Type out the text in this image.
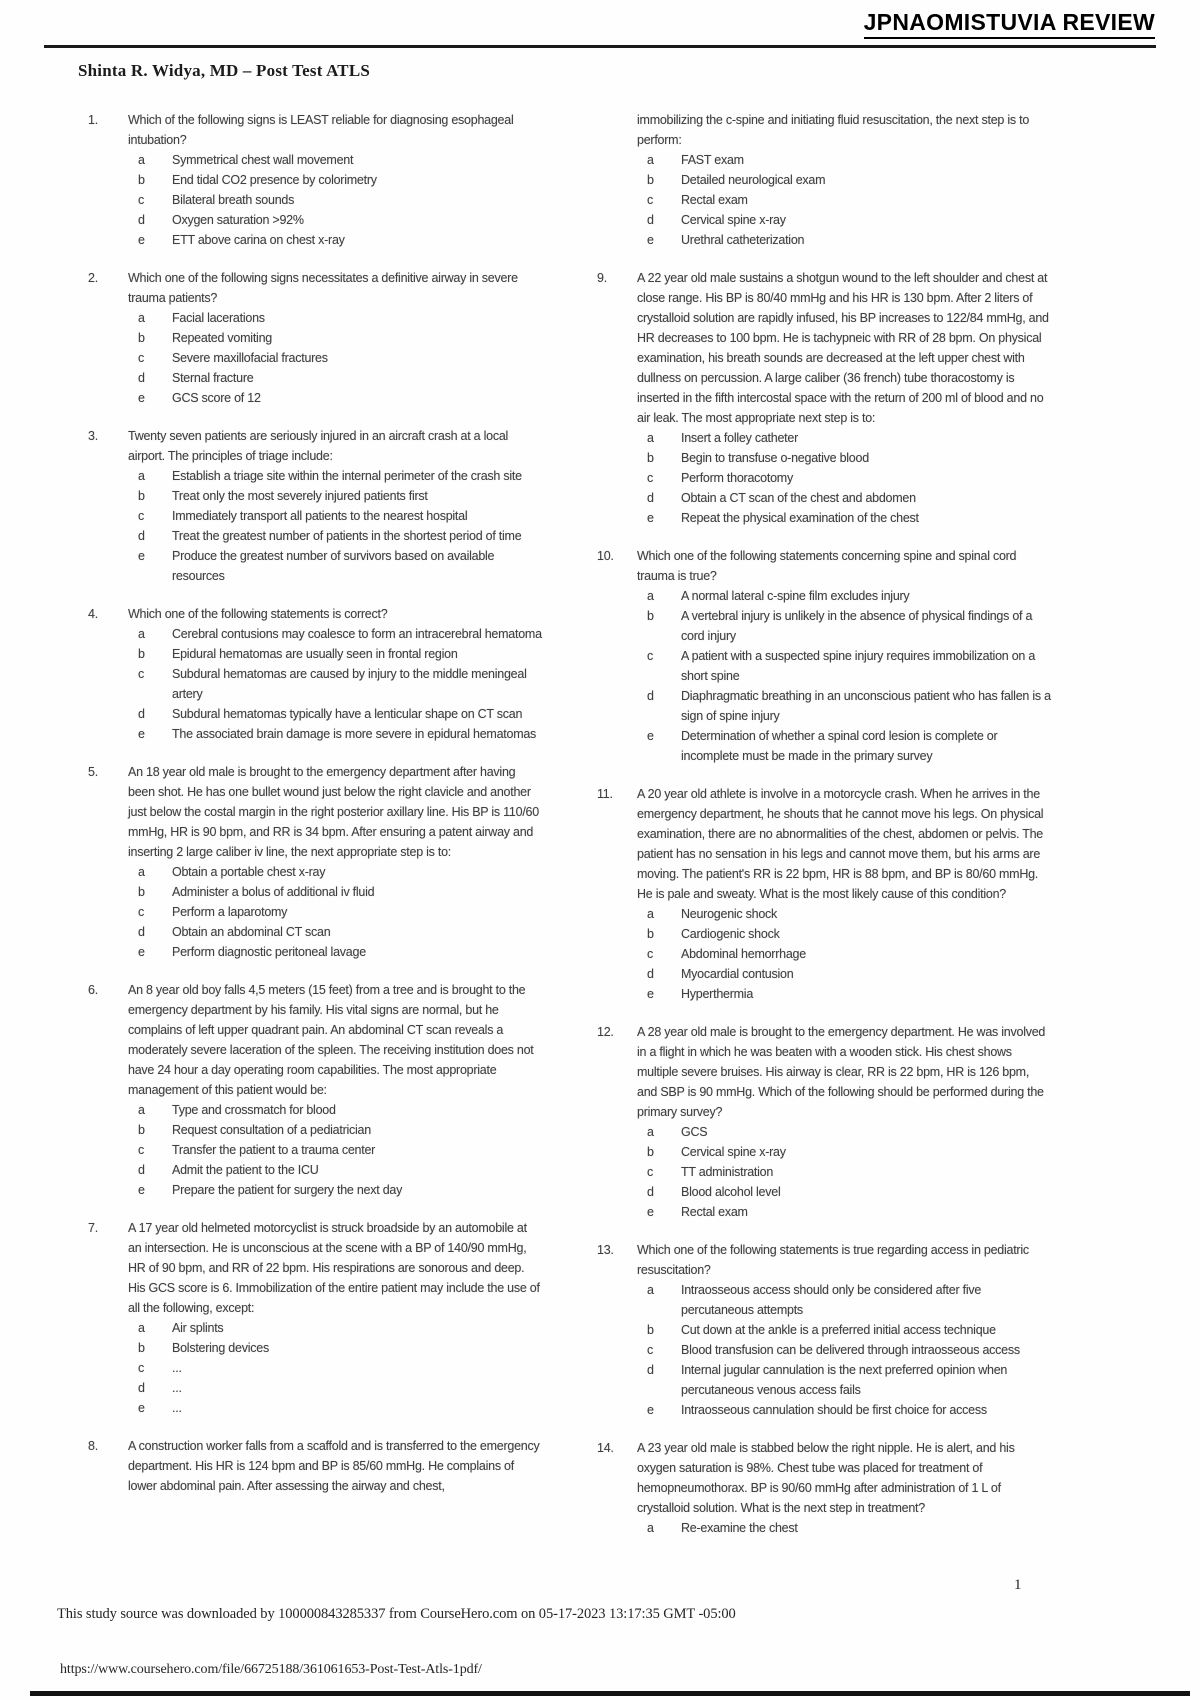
JPNAOMISTUVIA REVIEW
Shinta R. Widya, MD – Post Test ATLS
1.	Which of the following signs is LEAST reliable for diagnosing esophageal intubation?
a	Symmetrical chest wall movement
b	End tidal CO2 presence by colorimetry
c	Bilateral breath sounds
d	Oxygen saturation >92%
e	ETT above carina on chest x-ray
2.	Which one of the following signs necessitates a definitive airway in severe trauma patients?
a	Facial lacerations
b	Repeated vomiting
c	Severe maxillofacial fractures
d	Sternal fracture
e	GCS score of 12
3.	Twenty seven patients are seriously injured in an aircraft crash at a local airport. The principles of triage include:
a	Establish a triage site within the internal perimeter of the crash site
b	Treat only the most severely injured patients first
c	Immediately transport all patients to the nearest hospital
d	Treat the greatest number of patients in the shortest period of time
e	Produce the greatest number of survivors based on available resources
4.	Which one of the following statements is correct?
a	Cerebral contusions may coalesce to form an intracerebral hematoma
b	Epidural hematomas are usually seen in frontal region
c	Subdural hematomas are caused by injury to the middle meningeal artery
d	Subdural hematomas typically have a lenticular shape on CT scan
e	The associated brain damage is more severe in epidural hematomas
5.	An 18 year old male is brought to the emergency department after having been shot. He has one bullet wound just below the right clavicle and another just below the costal margin in the right posterior axillary line. His BP is 110/60 mmHg, HR is 90 bpm, and RR is 34 bpm. After ensuring a patent airway and inserting 2 large caliber iv line, the next appropriate step is to:
a	Obtain a portable chest x-ray
b	Administer a bolus of additional iv fluid
c	Perform a laparotomy
d	Obtain an abdominal CT scan
e	Perform diagnostic peritoneal lavage
6.	An 8 year old boy falls 4,5 meters (15 feet) from a tree and is brought to the emergency department by his family. His vital signs are normal, but he complains of left upper quadrant pain. An abdominal CT scan reveals a moderately severe laceration of the spleen. The receiving institution does not have 24 hour a day operating room capabilities. The most appropriate management of this patient would be:
a	Type and crossmatch for blood
b	Request consultation of a pediatrician
c	Transfer the patient to a trauma center
d	Admit the patient to the ICU
e	Prepare the patient for surgery the next day
7.	A 17 year old helmeted motorcyclist is struck broadside by an automobile at an intersection. He is unconscious at the scene with a BP of 140/90 mmHg, HR of 90 bpm, and RR of 22 bpm. His respirations are sonorous and deep. His GCS score is 6. Immobilization of the entire patient may include the use of all the following, except:
a	Air splints
b	Bolstering devices
c	...
d	...
e	...
8.	A construction worker falls from a scaffold and is transferred to the emergency department. His HR is 124 bpm and BP is 85/60 mmHg. He complains of lower abdominal pain. After assessing the airway and chest,
immobilizing the c-spine and initiating fluid resuscitation, the next step is to perform:
a	FAST exam
b	Detailed neurological exam
c	Rectal exam
d	Cervical spine x-ray
e	Urethral catheterization
9.	A 22 year old male sustains a shotgun wound to the left shoulder and chest at close range. His BP is 80/40 mmHg and his HR is 130 bpm. After 2 liters of crystalloid solution are rapidly infused, his BP increases to 122/84 mmHg, and HR decreases to 100 bpm. He is tachypneic with RR of 28 bpm. On physical examination, his breath sounds are decreased at the left upper chest with dullness on percussion. A large caliber (36 french) tube thoracostomy is inserted in the fifth intercostal space with the return of 200 ml of blood and no air leak. The most appropriate next step is to:
a	Insert a folley catheter
b	Begin to transfuse o-negative blood
c	Perform thoracotomy
d	Obtain a CT scan of the chest and abdomen
e	Repeat the physical examination of the chest
10.	Which one of the following statements concerning spine and spinal cord trauma is true?
a	A normal lateral c-spine film excludes injury
b	A vertebral injury is unlikely in the absence of physical findings of a cord injury
c	A patient with a suspected spine injury requires immobilization on a short spine
d	Diaphragmatic breathing in an unconscious patient who has fallen is a sign of spine injury
e	Determination of whether a spinal cord lesion is complete or incomplete must be made in the primary survey
11.	A 20 year old athlete is involve in a motorcycle crash. When he arrives in the emergency department, he shouts that he cannot move his legs. On physical examination, there are no abnormalities of the chest, abdomen or pelvis. The patient has no sensation in his legs and cannot move them, but his arms are moving. The patient's RR is 22 bpm, HR is 88 bpm, and BP is 80/60 mmHg. He is pale and sweaty. What is the most likely cause of this condition?
a	Neurogenic shock
b	Cardiogenic shock
c	Abdominal hemorrhage
d	Myocardial contusion
e	Hyperthermia
12.	A 28 year old male is brought to the emergency department. He was involved in a flight in which he was beaten with a wooden stick. His chest shows multiple severe bruises. His airway is clear, RR is 22 bpm, HR is 126 bpm, and SBP is 90 mmHg. Which of the following should be performed during the primary survey?
a	GCS
b	Cervical spine x-ray
c	TT administration
d	Blood alcohol level
e	Rectal exam
13.	Which one of the following statements is true regarding access in pediatric resuscitation?
a	Intraosseous access should only be considered after five percutaneous attempts
b	Cut down at the ankle is a preferred initial access technique
c	Blood transfusion can be delivered through intraosseous access
d	Internal jugular cannulation is the next preferred opinion when percutaneous venous access fails
e	Intraosseous cannulation should be first choice for access
14.	A 23 year old male is stabbed below the right nipple. He is alert, and his oxygen saturation is 98%. Chest tube was placed for treatment of hemopneumothorax. BP is 90/60 mmHg after administration of 1 L of crystalloid solution. What is the next step in treatment?
a	Re-examine the chest
1
This study source was downloaded by 100000843285337 from CourseHero.com on 05-17-2023 13:17:35 GMT -05:00
https://www.coursehero.com/file/66725188/361061653-Post-Test-Atls-1pdf/
